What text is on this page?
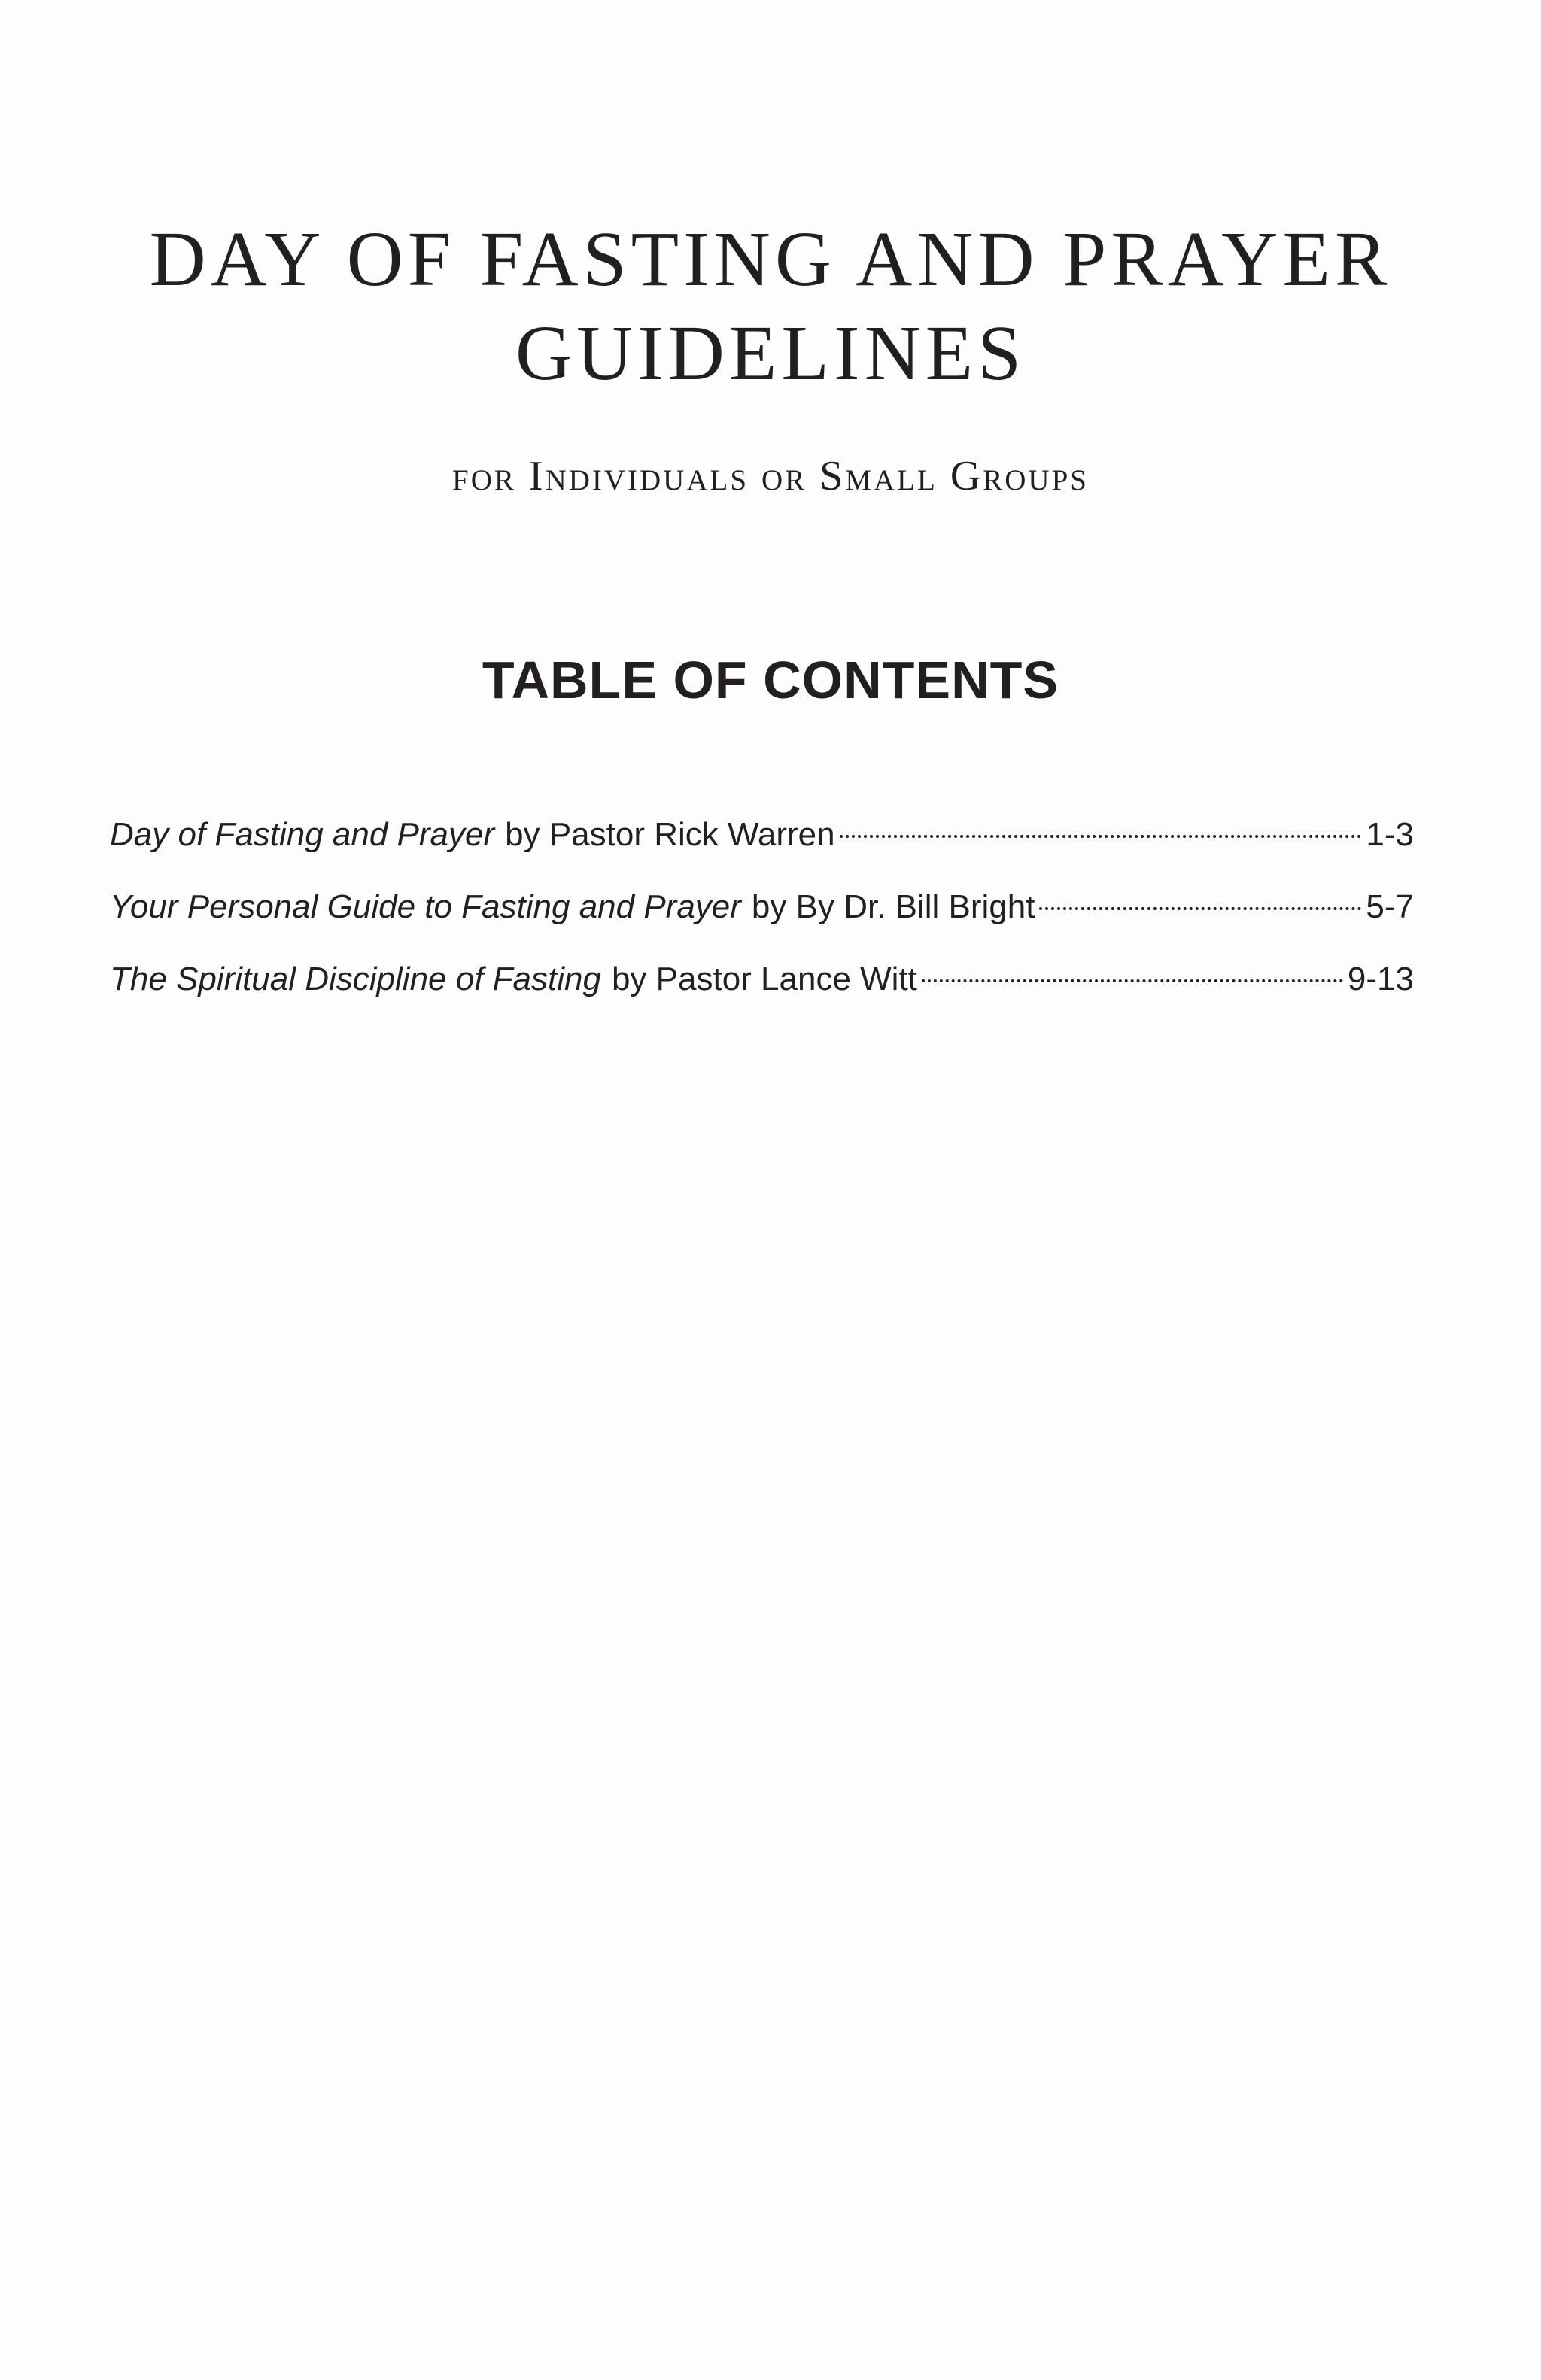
DAY OF FASTING AND PRAYER
GUIDELINES

for Individuals or Small Groups

TABLE OF CONTENTS
Day of Fasting and Prayer by Pastor Rick Warren	1-3
Your Personal Guide to Fasting and Prayer by By Dr. Bill Bright	5-7
The Spiritual Discipline of Fasting by Pastor Lance Witt	9-13
